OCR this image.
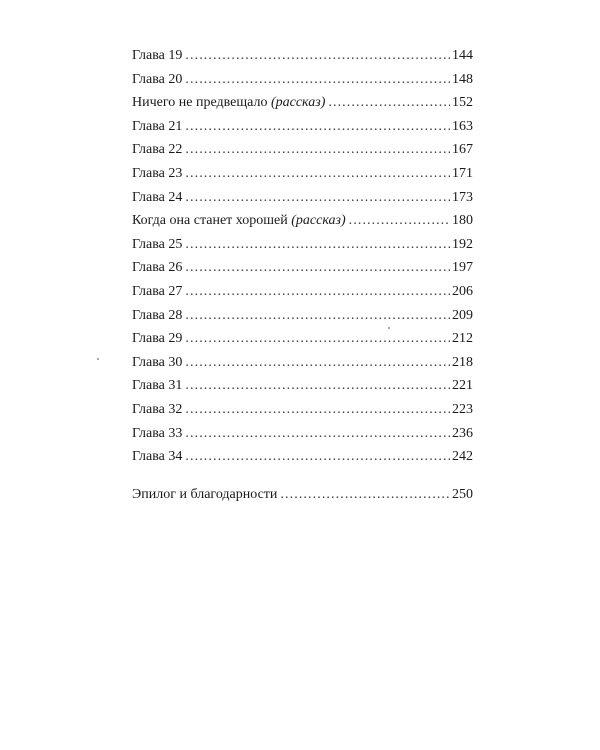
Глава 19 . . .	144
Глава 20 . . .	148
Ничего не предвещало (рассказ) . . .	152
Глава 21 . . .	163
Глава 22 . . .	167
Глава 23 . . .	171
Глава 24 . . .	173
Когда она станет хорошей (рассказ) . . .	180
Глава 25 . . .	192
Глава 26 . . .	197
Глава 27 . . .	206
Глава 28 . . .	209
Глава 29 . . .	212
Глава 30 . . .	218
Глава 31 . . .	221
Глава 32 . . .	223
Глава 33 . . .	236
Глава 34 . . .	242
Эпилог и благодарности . . .	250
